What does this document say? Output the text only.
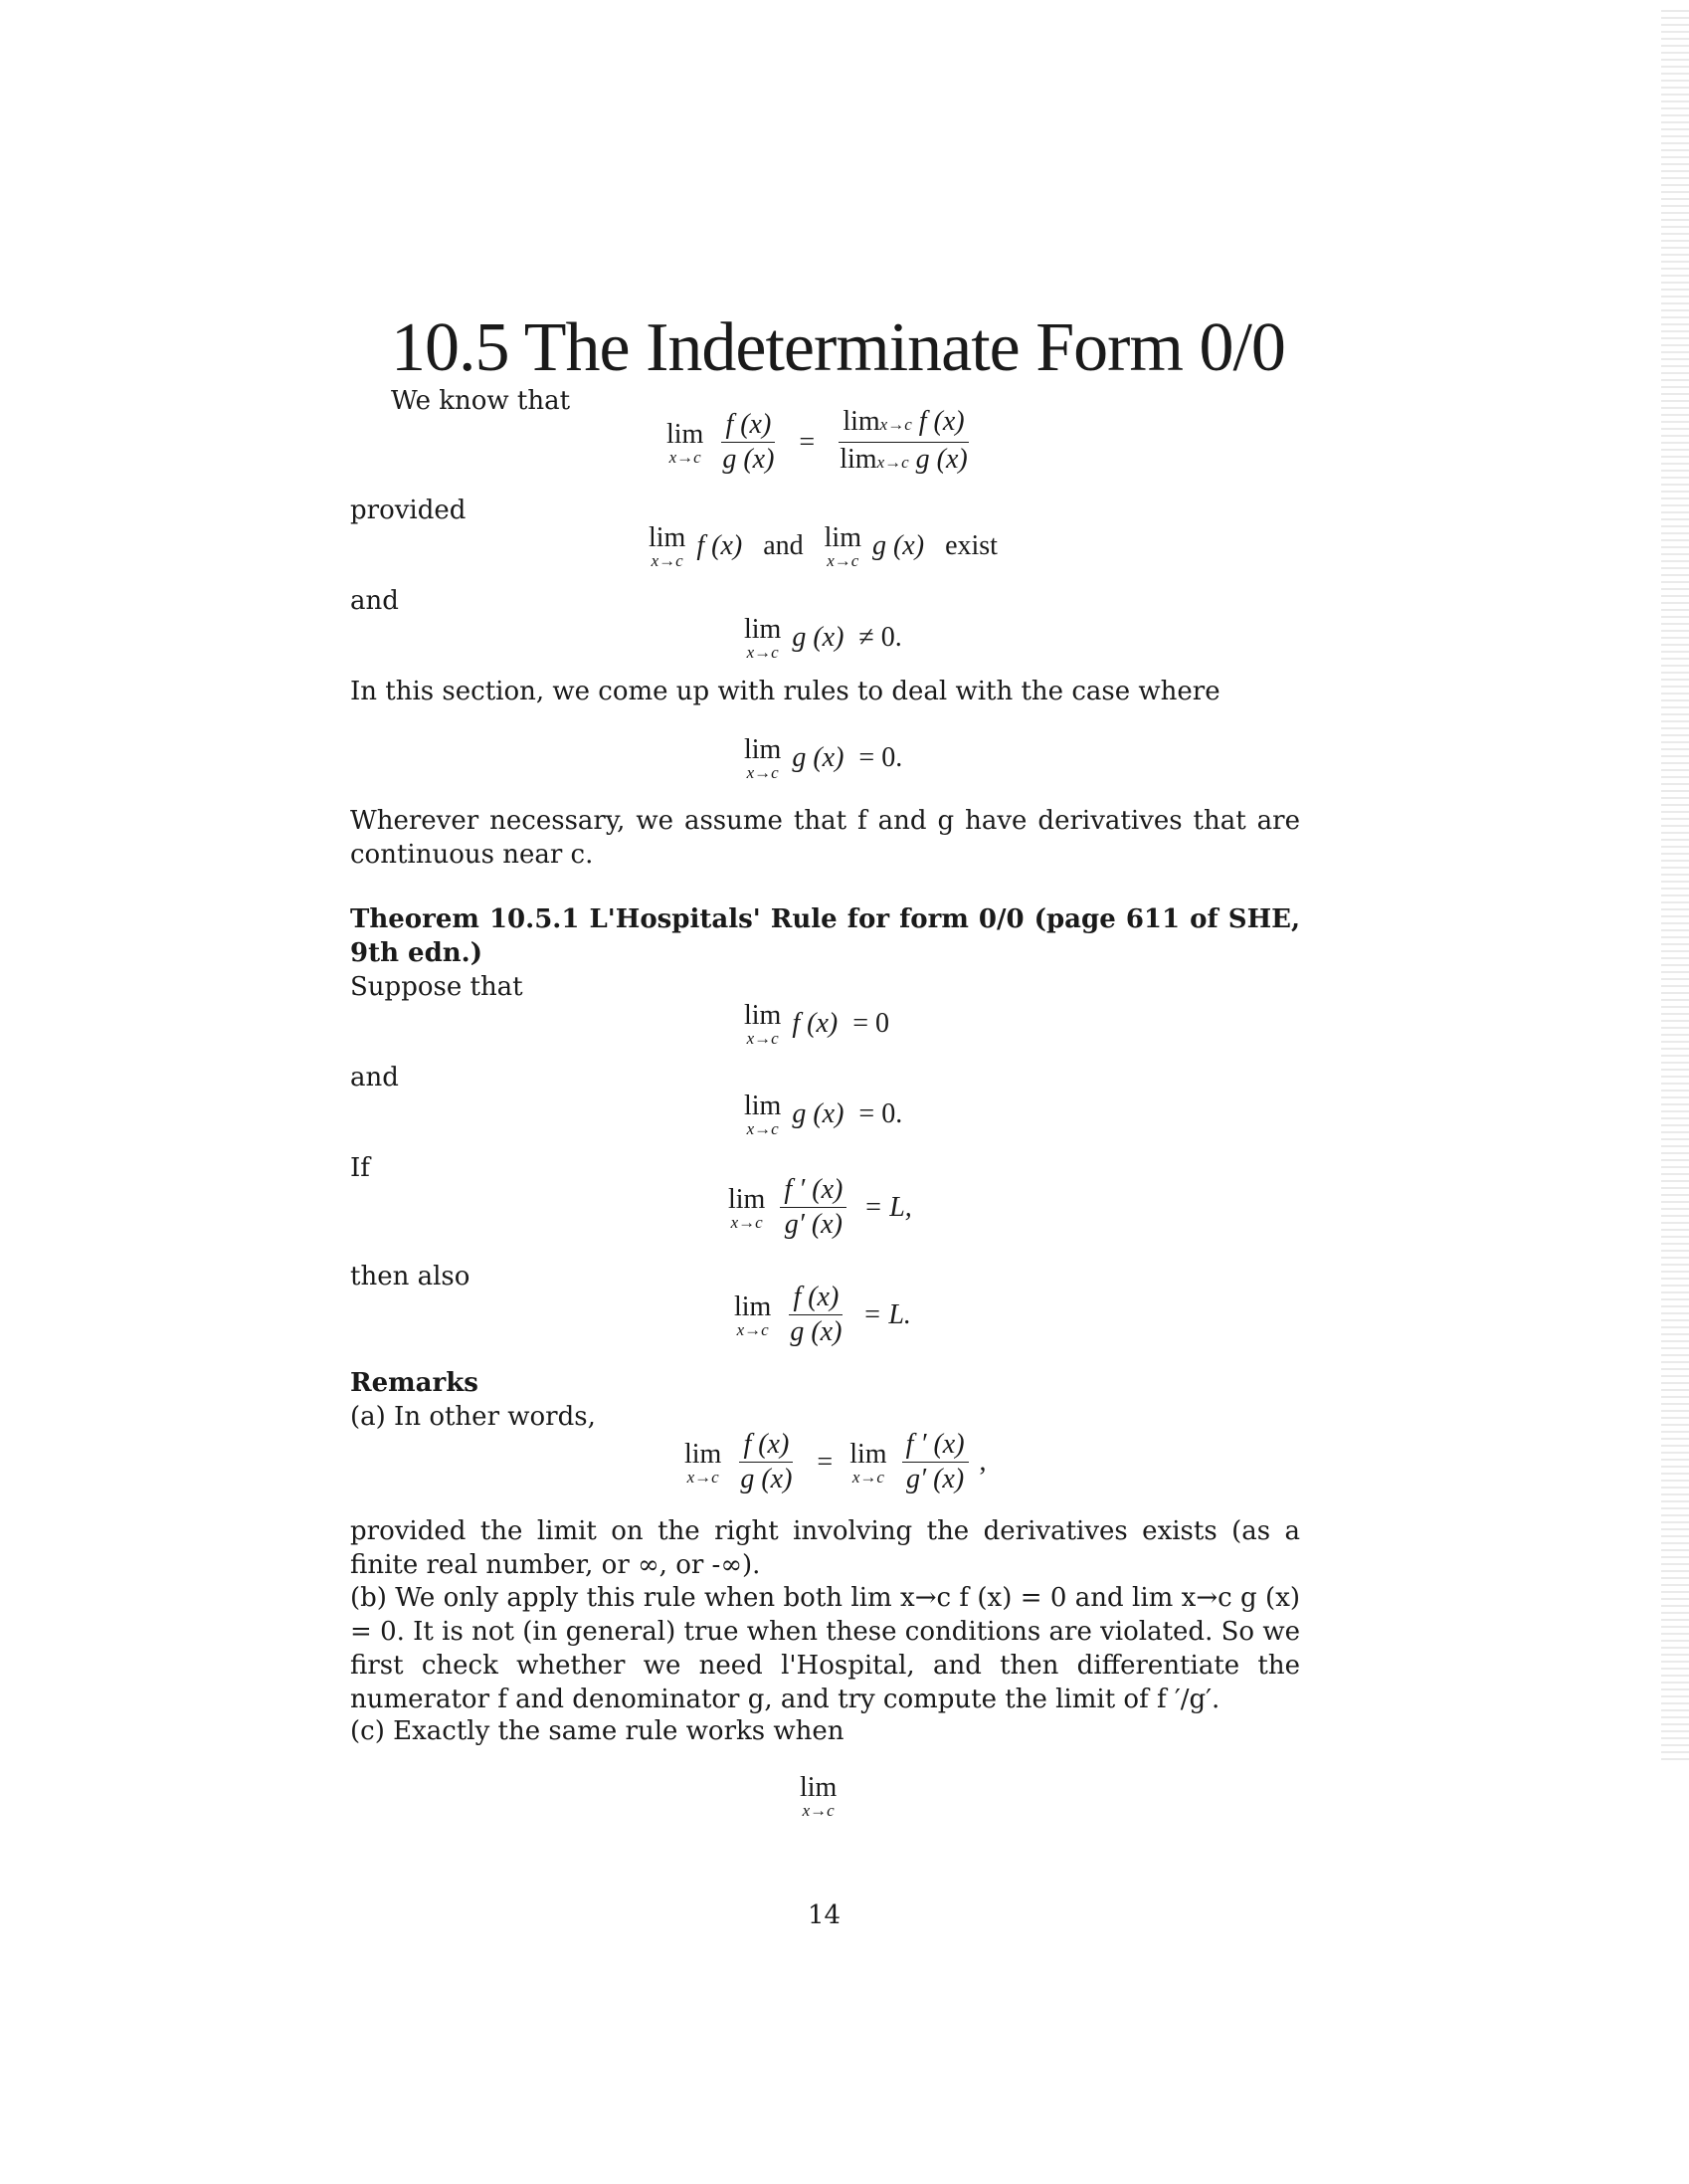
10.5 The Indeterminate Form 0/0
We know that
lim
x→c
$\frac{f (x)}{g (x)} = \frac{\text{limx→c f (x)}}{\text{limx→c g (x)}}$
provided
lim
x→c f (x) and lim
x→c g (x) exist
and
lim
x→c g (x) ≠ 0.
In this section, we come up with rules to deal with the case where
lim
x→c g (x) = 0.
Wherever necessary, we assume that f and g have derivatives that are continuous near c.
Theorem 10.5.1 L'Hospitals' Rule for form 0/0 (page 611 of SHE, 9th edn.)
Suppose that
lim
x→c f (x) = 0
and
lim
x→c g (x) = 0.
If
lim
x→c
$\frac{f ' (x)}{g' (x)} = L$,
then also
lim
x→c
$\frac{f (x)}{g (x)} = L$.
Remarks
(a) In other words,
lim
x→c
$\frac{f (x)}{g (x)} = \lim$
x→c
$\frac{f ' (x)}{g' (x)}$ ,
provided the limit on the right involving the derivatives exists (as a finite real number, or ∞, or -∞).
(b) We only apply this rule when both lim x→c f (x) = 0 and lim x→c g (x) = 0. It is not (in general) true when these conditions are violated. So we first check whether we need l'Hospital, and then differentiate the numerator f and denominator g, and try compute the limit of f ′/g′.
(c) Exactly the same rule works when
lim
x→c
14
